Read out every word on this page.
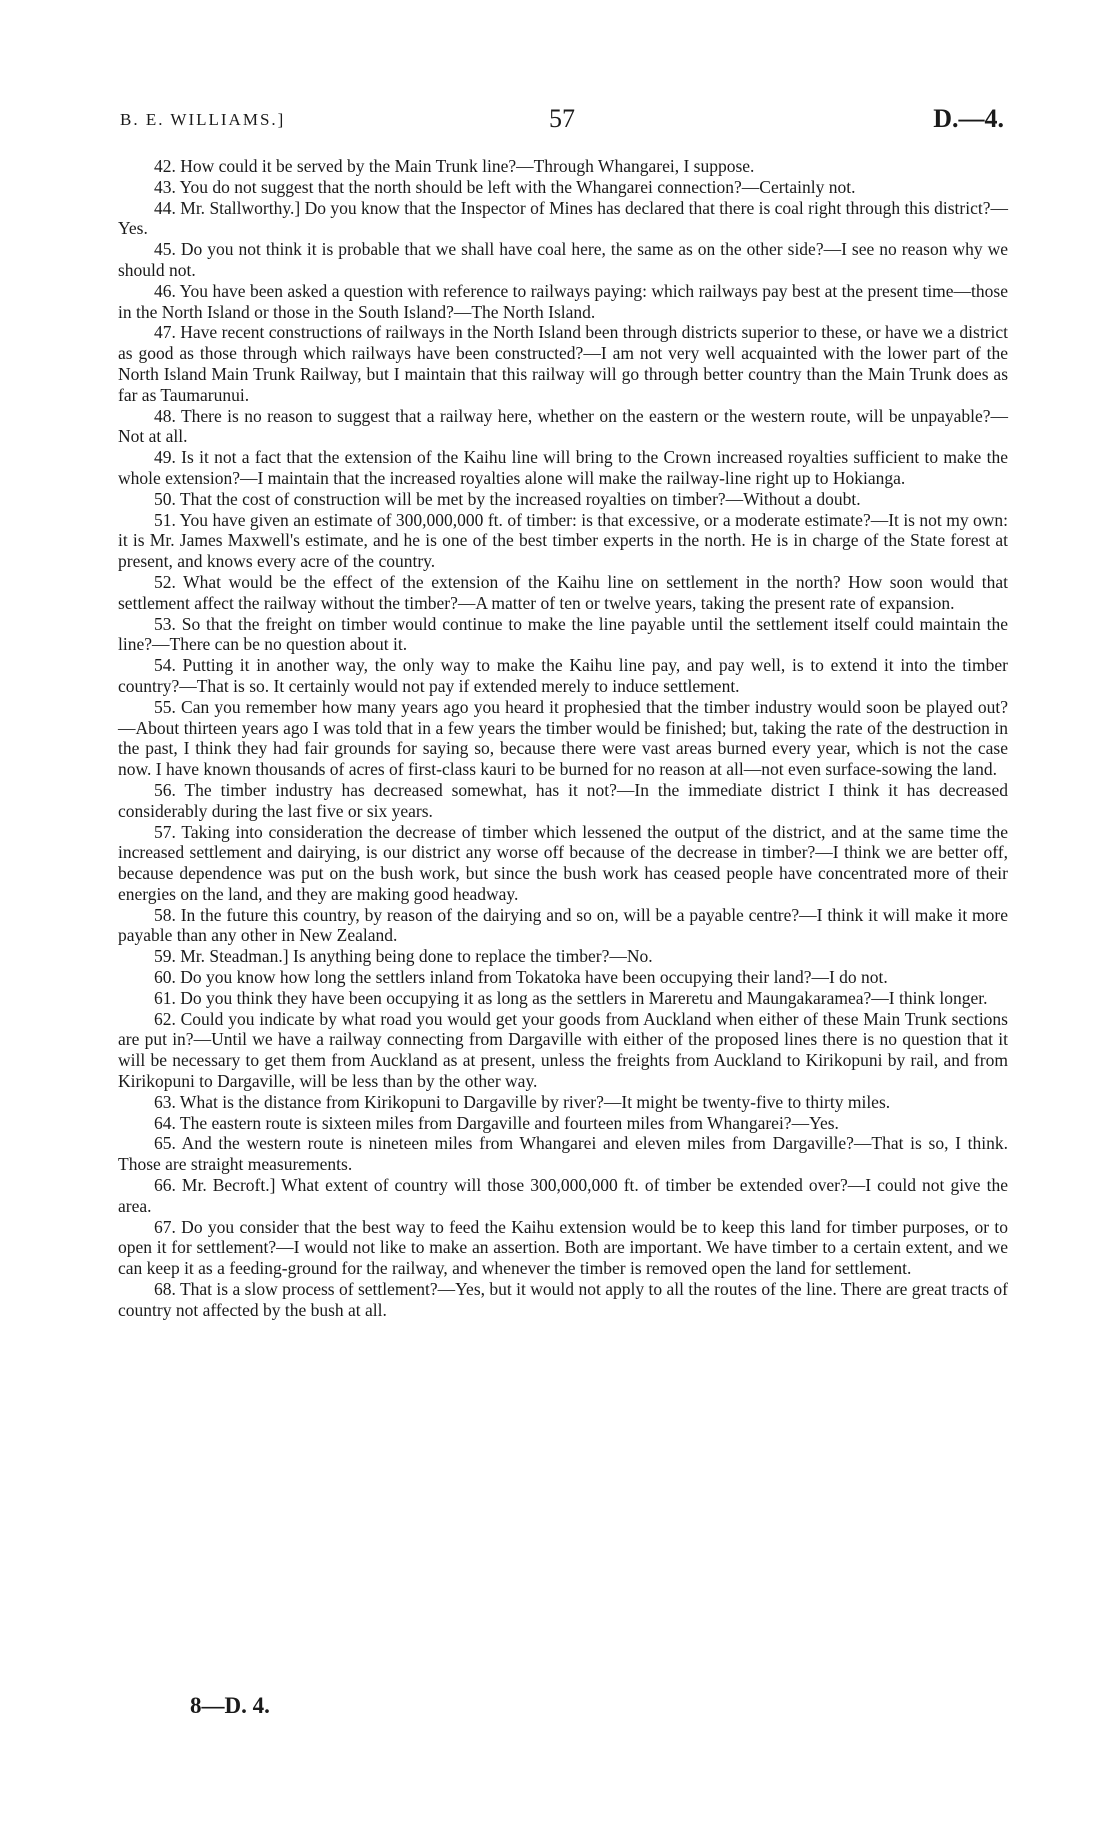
B. E. WILLIAMS.]	57	D.—4.

42. How could it be served by the Main Trunk line?—Through Whangarei, I suppose.

43. You do not suggest that the north should be left with the Whangarei connection?—Certainly not.

44. Mr. Stallworthy.] Do you know that the Inspector of Mines has declared that there is coal right through this district?—Yes.

45. Do you not think it is probable that we shall have coal here, the same as on the other side?—I see no reason why we should not.

46. You have been asked a question with reference to railways paying: which railways pay best at the present time—those in the North Island or those in the South Island?—The North Island.

47. Have recent constructions of railways in the North Island been through districts superior to these, or have we a district as good as those through which railways have been constructed?—I am not very well acquainted with the lower part of the North Island Main Trunk Railway, but I maintain that this railway will go through better country than the Main Trunk does as far as Taumarunui.

48. There is no reason to suggest that a railway here, whether on the eastern or the western route, will be unpayable?—Not at all.

49. Is it not a fact that the extension of the Kaihu line will bring to the Crown increased royalties sufficient to make the whole extension?—I maintain that the increased royalties alone will make the railway-line right up to Hokianga.

50. That the cost of construction will be met by the increased royalties on timber?—Without a doubt.

51. You have given an estimate of 300,000,000 ft. of timber: is that excessive, or a moderate estimate?—It is not my own: it is Mr. James Maxwell's estimate, and he is one of the best timber experts in the north. He is in charge of the State forest at present, and knows every acre of the country.

52. What would be the effect of the extension of the Kaihu line on settlement in the north? How soon would that settlement affect the railway without the timber?—A matter of ten or twelve years, taking the present rate of expansion.

53. So that the freight on timber would continue to make the line payable until the settlement itself could maintain the line?—There can be no question about it.

54. Putting it in another way, the only way to make the Kaihu line pay, and pay well, is to extend it into the timber country?—That is so. It certainly would not pay if extended merely to induce settlement.

55. Can you remember how many years ago you heard it prophesied that the timber industry would soon be played out?—About thirteen years ago I was told that in a few years the timber would be finished; but, taking the rate of the destruction in the past, I think they had fair grounds for saying so, because there were vast areas burned every year, which is not the case now. I have known thousands of acres of first-class kauri to be burned for no reason at all—not even surface-sowing the land.

56. The timber industry has decreased somewhat, has it not?—In the immediate district I think it has decreased considerably during the last five or six years.

57. Taking into consideration the decrease of timber which lessened the output of the district, and at the same time the increased settlement and dairying, is our district any worse off because of the decrease in timber?—I think we are better off, because dependence was put on the bush work, but since the bush work has ceased people have concentrated more of their energies on the land, and they are making good headway.

58. In the future this country, by reason of the dairying and so on, will be a payable centre?—I think it will make it more payable than any other in New Zealand.

59. Mr. Steadman.] Is anything being done to replace the timber?—No.

60. Do you know how long the settlers inland from Tokatoka have been occupying their land?—I do not.

61. Do you think they have been occupying it as long as the settlers in Mareretu and Maungakaramea?—I think longer.

62. Could you indicate by what road you would get your goods from Auckland when either of these Main Trunk sections are put in?—Until we have a railway connecting from Dargaville with either of the proposed lines there is no question that it will be necessary to get them from Auckland as at present, unless the freights from Auckland to Kirikopuni by rail, and from Kirikopuni to Dargaville, will be less than by the other way.

63. What is the distance from Kirikopuni to Dargaville by river?—It might be twenty-five to thirty miles.

64. The eastern route is sixteen miles from Dargaville and fourteen miles from Whangarei?—Yes.

65. And the western route is nineteen miles from Whangarei and eleven miles from Dargaville?—That is so, I think. Those are straight measurements.

66. Mr. Becroft.] What extent of country will those 300,000,000 ft. of timber be extended over?—I could not give the area.

67. Do you consider that the best way to feed the Kaihu extension would be to keep this land for timber purposes, or to open it for settlement?—I would not like to make an assertion. Both are important. We have timber to a certain extent, and we can keep it as a feeding-ground for the railway, and whenever the timber is removed open the land for settlement.

68. That is a slow process of settlement?—Yes, but it would not apply to all the routes of the line. There are great tracts of country not affected by the bush at all.

8—D. 4.
